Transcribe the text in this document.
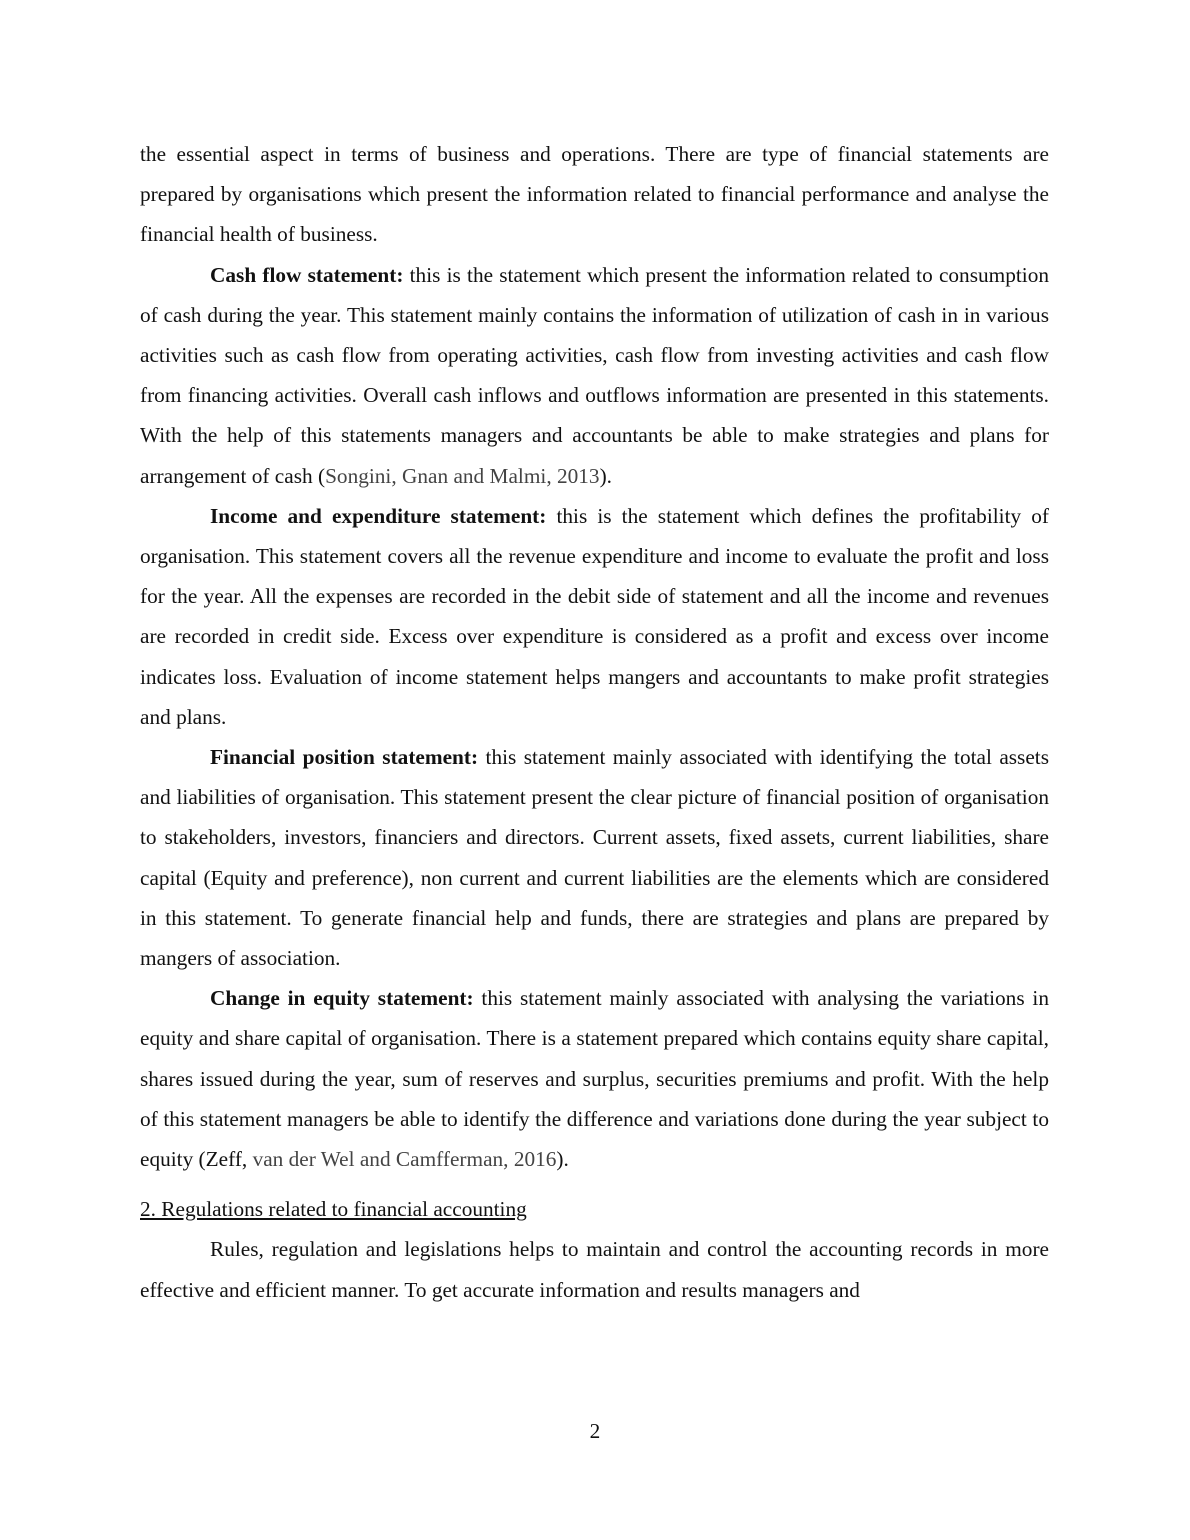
the essential aspect in terms of business and operations. There are type of financial statements are prepared by organisations which present the information related to financial performance and analyse the financial health of business.

Cash flow statement: this is the statement which present the information related to consumption of cash during the year. This statement mainly contains the information of utilization of cash in in various activities such as cash flow from operating activities, cash flow from investing activities and cash flow from financing activities. Overall cash inflows and outflows information are presented in this statements. With the help of this statements managers and accountants be able to make strategies and plans for arrangement of cash (Songini, Gnan and Malmi, 2013).

Income and expenditure statement: this is the statement which defines the profitability of organisation. This statement covers all the revenue expenditure and income to evaluate the profit and loss for the year. All the expenses are recorded in the debit side of statement and all the income and revenues are recorded in credit side. Excess over expenditure is considered as a profit and excess over income indicates loss. Evaluation of income statement helps mangers and accountants to make profit strategies and plans.

Financial position statement: this statement mainly associated with identifying the total assets and liabilities of organisation. This statement present the clear picture of financial position of organisation to stakeholders, investors, financiers and directors. Current assets, fixed assets, current liabilities, share capital (Equity and preference), non current and current liabilities are the elements which are considered in this statement. To generate financial help and funds, there are strategies and plans are prepared by mangers of association.

Change in equity statement: this statement mainly associated with analysing the variations in equity and share capital of organisation. There is a statement prepared which contains equity share capital, shares issued during the year, sum of reserves and surplus, securities premiums and profit. With the help of this statement managers be able to identify the difference and variations done during the year subject to equity (Zeff, van der Wel and Camfferman, 2016).

2. Regulations related to financial accounting

Rules, regulation and legislations helps to maintain and control the accounting records in more effective and efficient manner. To get accurate information and results managers and

2
